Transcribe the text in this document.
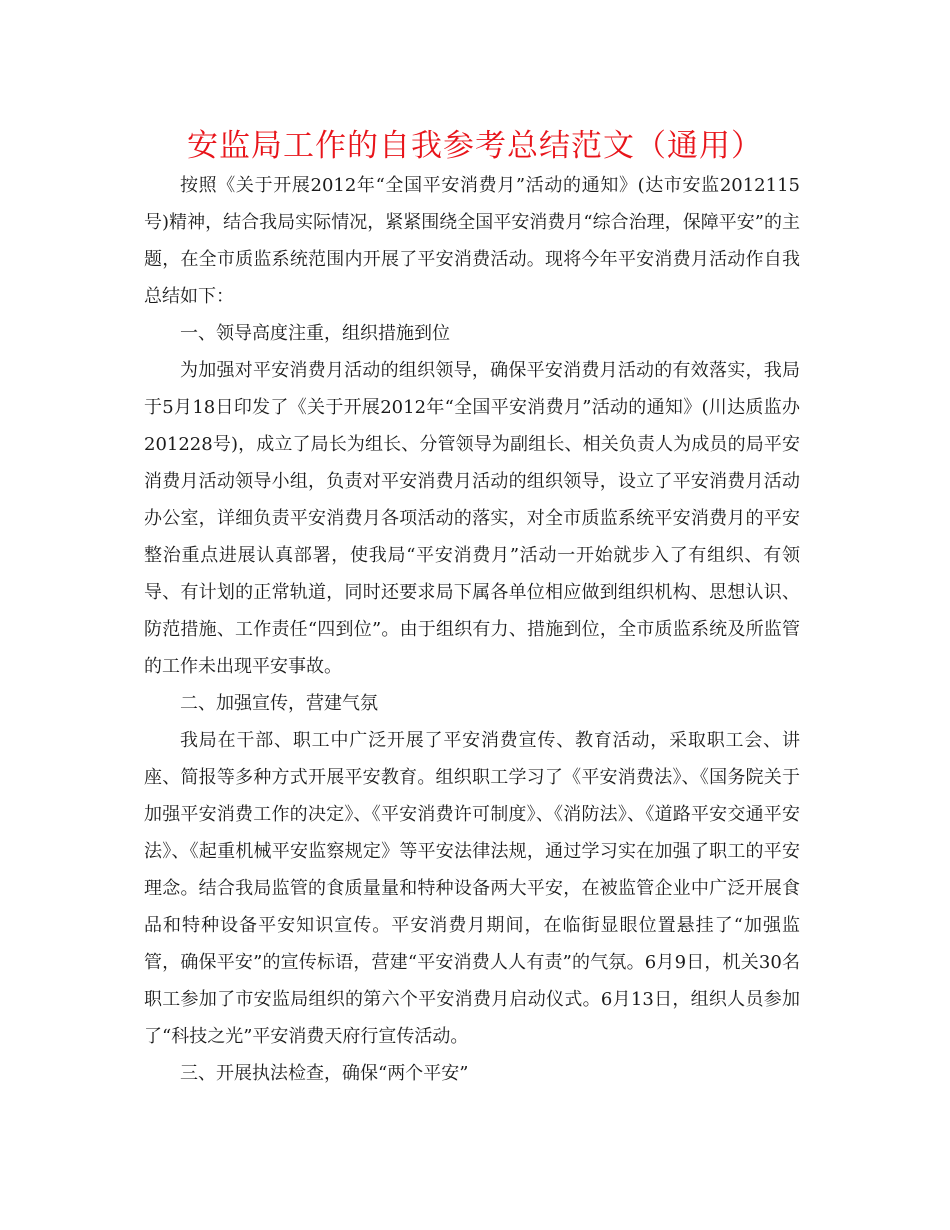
安监局工作的自我参考总结范文（通用）

按照《关于开展2012年“全国平安消费月”活动的通知》(达市安监2012115号)精神，结合我局实际情况，紧紧围绕全国平安消费月“综合治理，保障平安”的主题，在全市质监系统范围内开展了平安消费活动。现将今年平安消费月活动作自我总结如下：

一、领导高度注重，组织措施到位

为加强对平安消费月活动的组织领导，确保平安消费月活动的有效落实，我局于5月18日印发了《关于开展2012年“全国平安消费月”活动的通知》(川达质监办201228号)，成立了局长为组长、分管领导为副组长、相关负责人为成员的局平安消费月活动领导小组，负责对平安消费月活动的组织领导，设立了平安消费月活动办公室，详细负责平安消费月各项活动的落实，对全市质监系统平安消费月的平安整治重点进展认真部署，使我局“平安消费月”活动一开始就步入了有组织、有领导、有计划的正常轨道，同时还要求局下属各单位相应做到组织机构、思想认识、防范措施、工作责任“四到位”。由于组织有力、措施到位，全市质监系统及所监管的工作未出现平安事故。

二、加强宣传，营建气氛

我局在干部、职工中广泛开展了平安消费宣传、教育活动，采取职工会、讲座、简报等多种方式开展平安教育。组织职工学习了《平安消费法》、《国务院关于加强平安消费工作的决定》、《平安消费许可制度》、《消防法》、《道路平安交通平安法》、《起重机械平安监察规定》等平安法律法规，通过学习实在加强了职工的平安理念。结合我局监管的食质量量和特种设备两大平安，在被监管企业中广泛开展食品和特种设备平安知识宣传。平安消费月期间，在临街显眼位置悬挂了“加强监管，确保平安”的宣传标语，营建“平安消费人人有责”的气氛。6月9日，机关30名职工参加了市安监局组织的第六个平安消费月启动仪式。6月13日，组织人员参加了“科技之光”平安消费天府行宣传活动。

三、开展执法检查，确保“两个平安”
